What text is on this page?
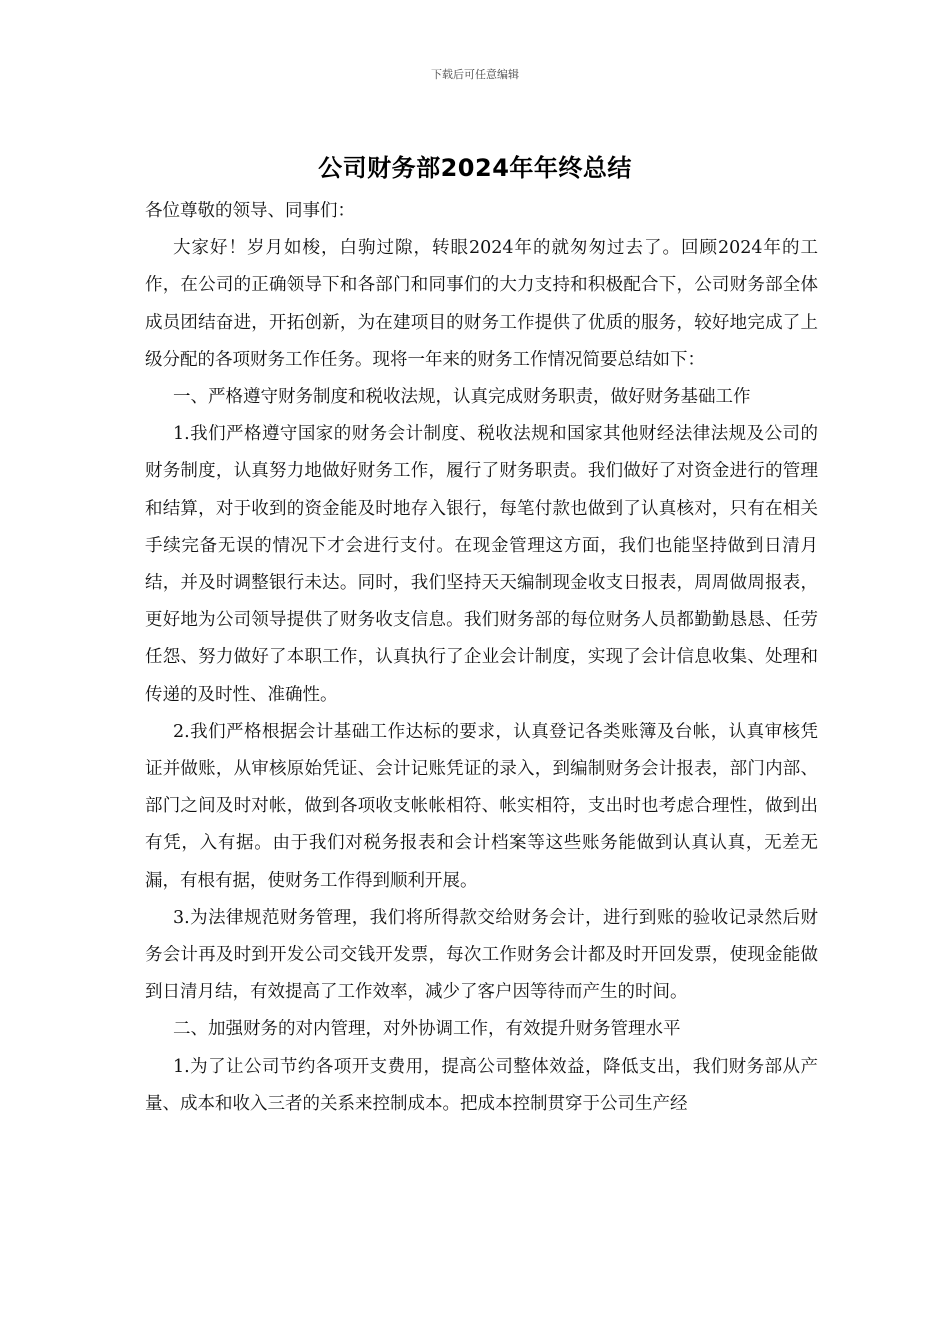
下载后可任意编辑
公司财务部2024年年终总结

各位尊敬的领导、同事们：

大家好！岁月如梭，白驹过隙，转眼2024年的就匆匆过去了。回顾2024年的工作，在公司的正确领导下和各部门和同事们的大力支持和积极配合下，公司财务部全体成员团结奋进，开拓创新，为在建项目的财务工作提供了优质的服务，较好地完成了上级分配的各项财务工作任务。现将一年来的财务工作情况简要总结如下：

一、严格遵守财务制度和税收法规，认真完成财务职责，做好财务基础工作

1.我们严格遵守国家的财务会计制度、税收法规和国家其他财经法律法规及公司的财务制度，认真努力地做好财务工作，履行了财务职责。我们做好了对资金进行的管理和结算，对于收到的资金能及时地存入银行，每笔付款也做到了认真核对，只有在相关手续完备无误的情况下才会进行支付。在现金管理这方面，我们也能坚持做到日清月结，并及时调整银行未达。同时，我们坚持天天编制现金收支日报表，周周做周报表，更好地为公司领导提供了财务收支信息。我们财务部的每位财务人员都勤勤恳恳、任劳任怨、努力做好了本职工作，认真执行了企业会计制度，实现了会计信息收集、处理和传递的及时性、准确性。

2.我们严格根据会计基础工作达标的要求，认真登记各类账簿及台帐，认真审核凭证并做账，从审核原始凭证、会计记账凭证的录入，到编制财务会计报表，部门内部、部门之间及时对帐，做到各项收支帐帐相符、帐实相符，支出时也考虑合理性，做到出有凭，入有据。由于我们对税务报表和会计档案等这些账务能做到认真认真，无差无漏，有根有据，使财务工作得到顺利开展。

3.为法律规范财务管理，我们将所得款交给财务会计，进行到账的验收记录然后财务会计再及时到开发公司交钱开发票，每次工作财务会计都及时开回发票，使现金能做到日清月结，有效提高了工作效率，减少了客户因等待而产生的时间。

二、加强财务的对内管理，对外协调工作，有效提升财务管理水平

1.为了让公司节约各项开支费用，提高公司整体效益，降低支出，我们财务部从产量、成本和收入三者的关系来控制成本。把成本控制贯穿于公司生产经
